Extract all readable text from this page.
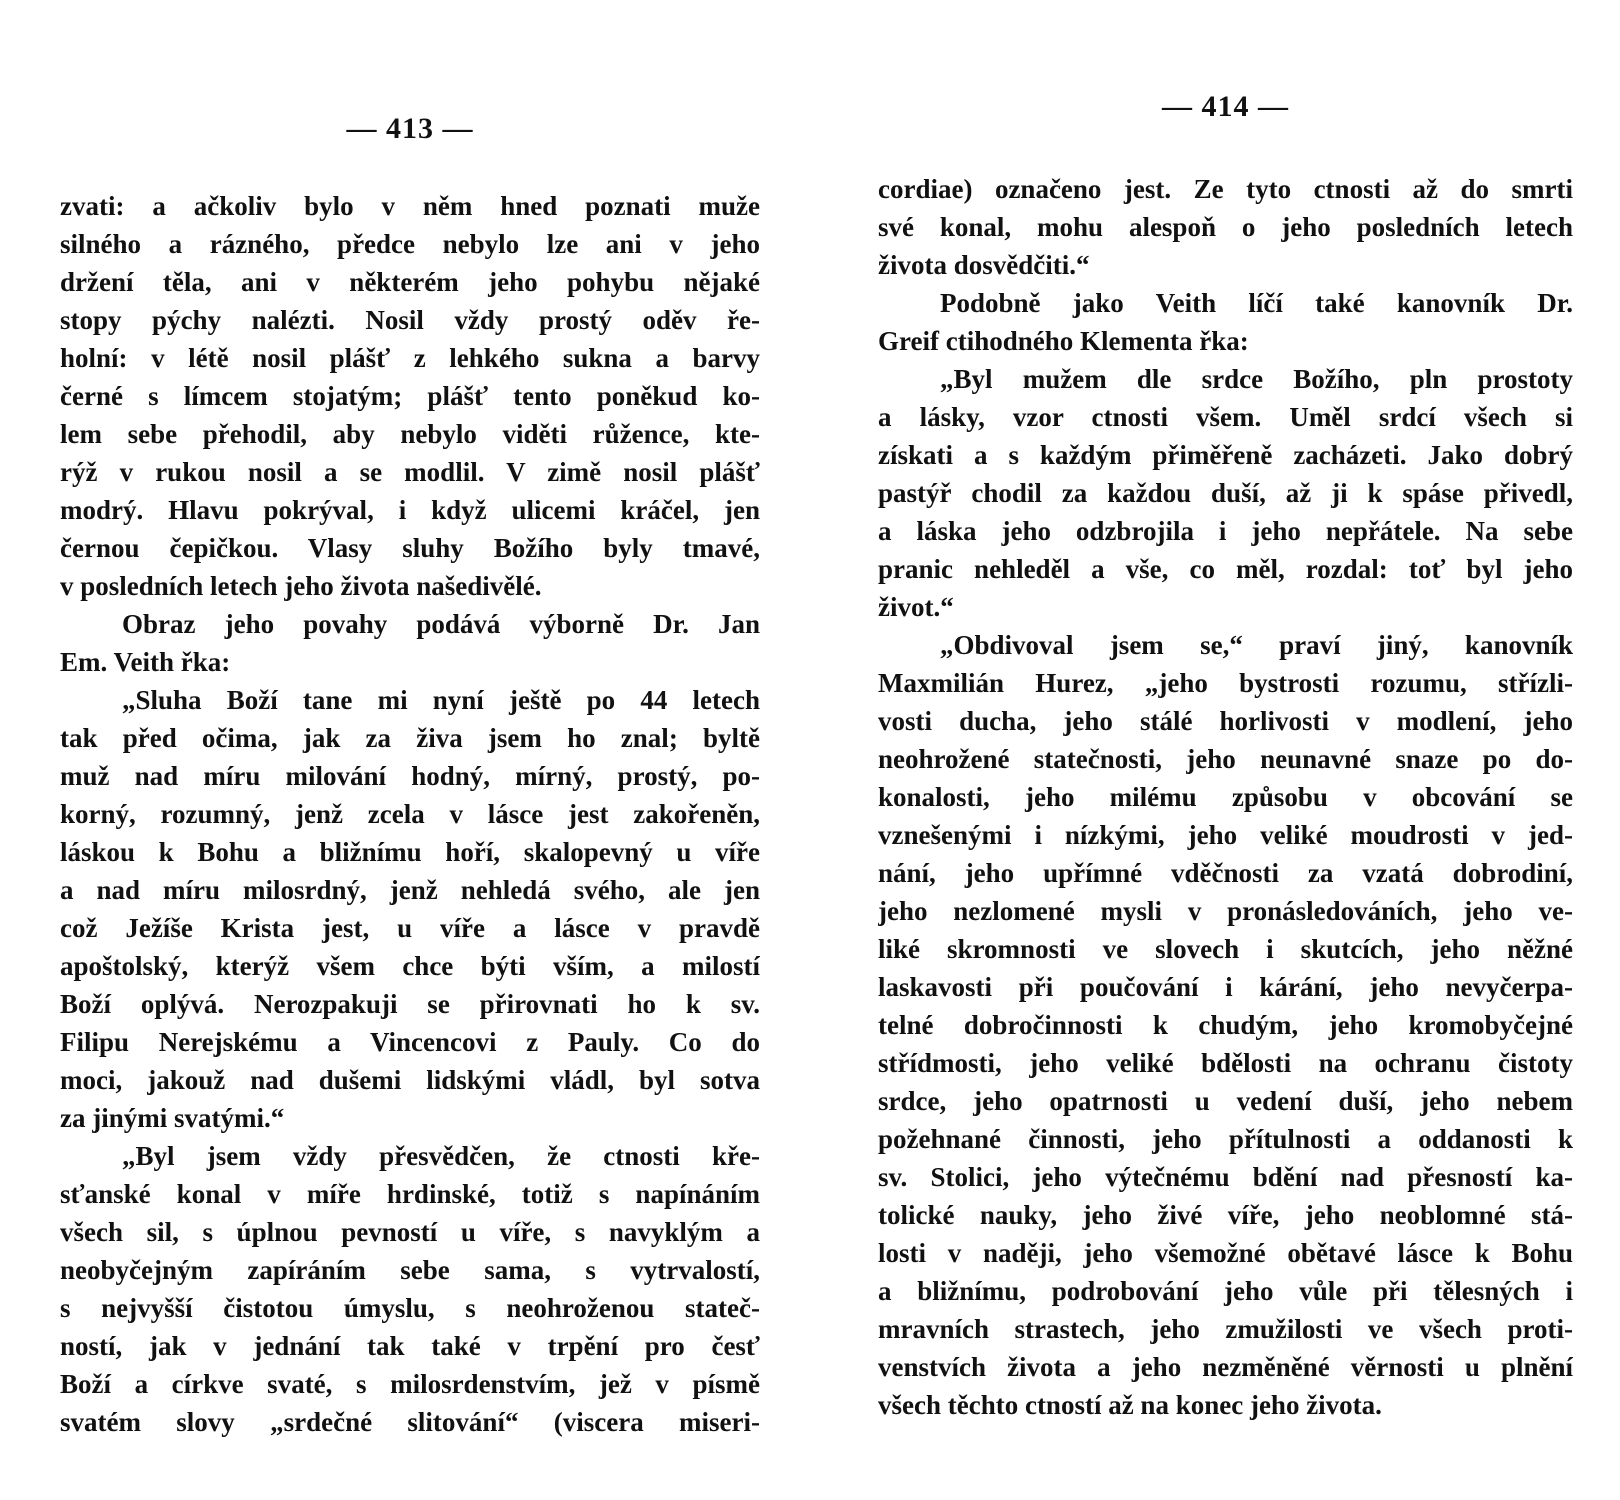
— 413 —
zvati: a ačkoliv bylo v něm hned poznati muže
silného a rázného, předce nebylo lze ani v jeho
držení těla, ani v některém jeho pohybu nějaké
stopy pýchy nalézti. Nosil vždy prostý oděv ře-
holní: v létě nosil plášť z lehkého sukna a barvy
černé s límcem stojatým; plášť tento poněkud ko-
lem sebe přehodil, aby nebylo viděti růžence, kte-
rýž v rukou nosil a se modlil. V zimě nosil plášť
modrý. Hlavu pokrýval, i když ulicemi kráčel, jen
černou čepičkou. Vlasy sluhy Božího byly tmavé,
v posledních letech jeho života našedivělé.
Obraz jeho povahy podává výborně Dr. Jan
Em. Veith řka:
„Sluha Boží tane mi nyní ještě po 44 letech
tak před očima, jak za živa jsem ho znal; byltě
muž nad míru milování hodný, mírný, prostý, po-
korný, rozumný, jenž zcela v lásce jest zakořeněn,
láskou k Bohu a bližnímu hoří, skalopevný u víře
a nad míru milosrdný, jenž nehledá svého, ale jen
což Ježíše Krista jest, u víře a lásce v pravdě
apoštolský, kterýž všem chce býti vším, a milostí
Boží oplývá. Nerozpakuji se přirovnati ho k sv.
Filipu Nerejskému a Vincencovi z Pauly. Co do
moci, jakouž nad dušemi lidskými vládl, byl sotva
za jinými svatými.“
„Byl jsem vždy přesvědčen, že ctnosti kře-
sťanské konal v míře hrdinské, totiž s napínáním
všech sil, s úplnou pevností u víře, s navyklým a
neobyčejným zapíráním sebe sama, s vytrvalostí,
s nejvyšší čistotou úmyslu, s neohroženou stateč-
ností, jak v jednání tak také v trpění pro česť
Boží a církve svaté, s milosrdenstvím, jež v písmě
svatém slovy „srdečné slitování“ (viscera miseri-
— 414 —
cordiae) označeno jest. Ze tyto ctnosti až do smrti
své konal, mohu alespoň o jeho posledních letech
života dosvědčiti.“
Podobně jako Veith líčí také kanovník Dr.
Greif ctihodného Klementa řka:
„Byl mužem dle srdce Božího, pln prostoty
a lásky, vzor ctnosti všem. Uměl srdcí všech si
získati a s každým přiměřeně zacházeti. Jako dobrý
pastýř chodil za každou duší, až ji k spáse přivedl,
a láska jeho odzbrojila i jeho nepřátele. Na sebe
pranic nehleděl a vše, co měl, rozdal: toť byl jeho
život.“
„Obdivoval jsem se,“ praví jiný, kanovník
Maxmilián Hurez, „jeho bystrosti rozumu, střízli-
vosti ducha, jeho stálé horlivosti v modlení, jeho
neohrožené statečnosti, jeho neunavné snaze po do-
konalosti, jeho milému způsobu v obcování se
vznešenými i nízkými, jeho veliké moudrosti v jed-
nání, jeho upřímné vděčnosti za vzatá dobrodiní,
jeho nezlomené mysli v pronásledováních, jeho ve-
liké skromnosti ve slovech i skutcích, jeho něžné
laskavosti při poučování i kárání, jeho nevyčerpa-
telné dobročinnosti k chudým, jeho kromobyčejné
střídmosti, jeho veliké bdělosti na ochranu čistoty
srdce, jeho opatrnosti u vedení duší, jeho nebem
požehnané činnosti, jeho přítulnosti a oddanosti k
sv. Stolici, jeho výtečnému bdění nad přesností ka-
tolické nauky, jeho živé víře, jeho neoblomné stá-
losti v naději, jeho všemožné obětavé lásce k Bohu
a bližnímu, podrobování jeho vůle při tělesných i
mravních strastech, jeho zmužilosti ve všech proti-
venstvích života a jeho nezměněné věrnosti u plnění
všech těchto ctností až na konec jeho života.
